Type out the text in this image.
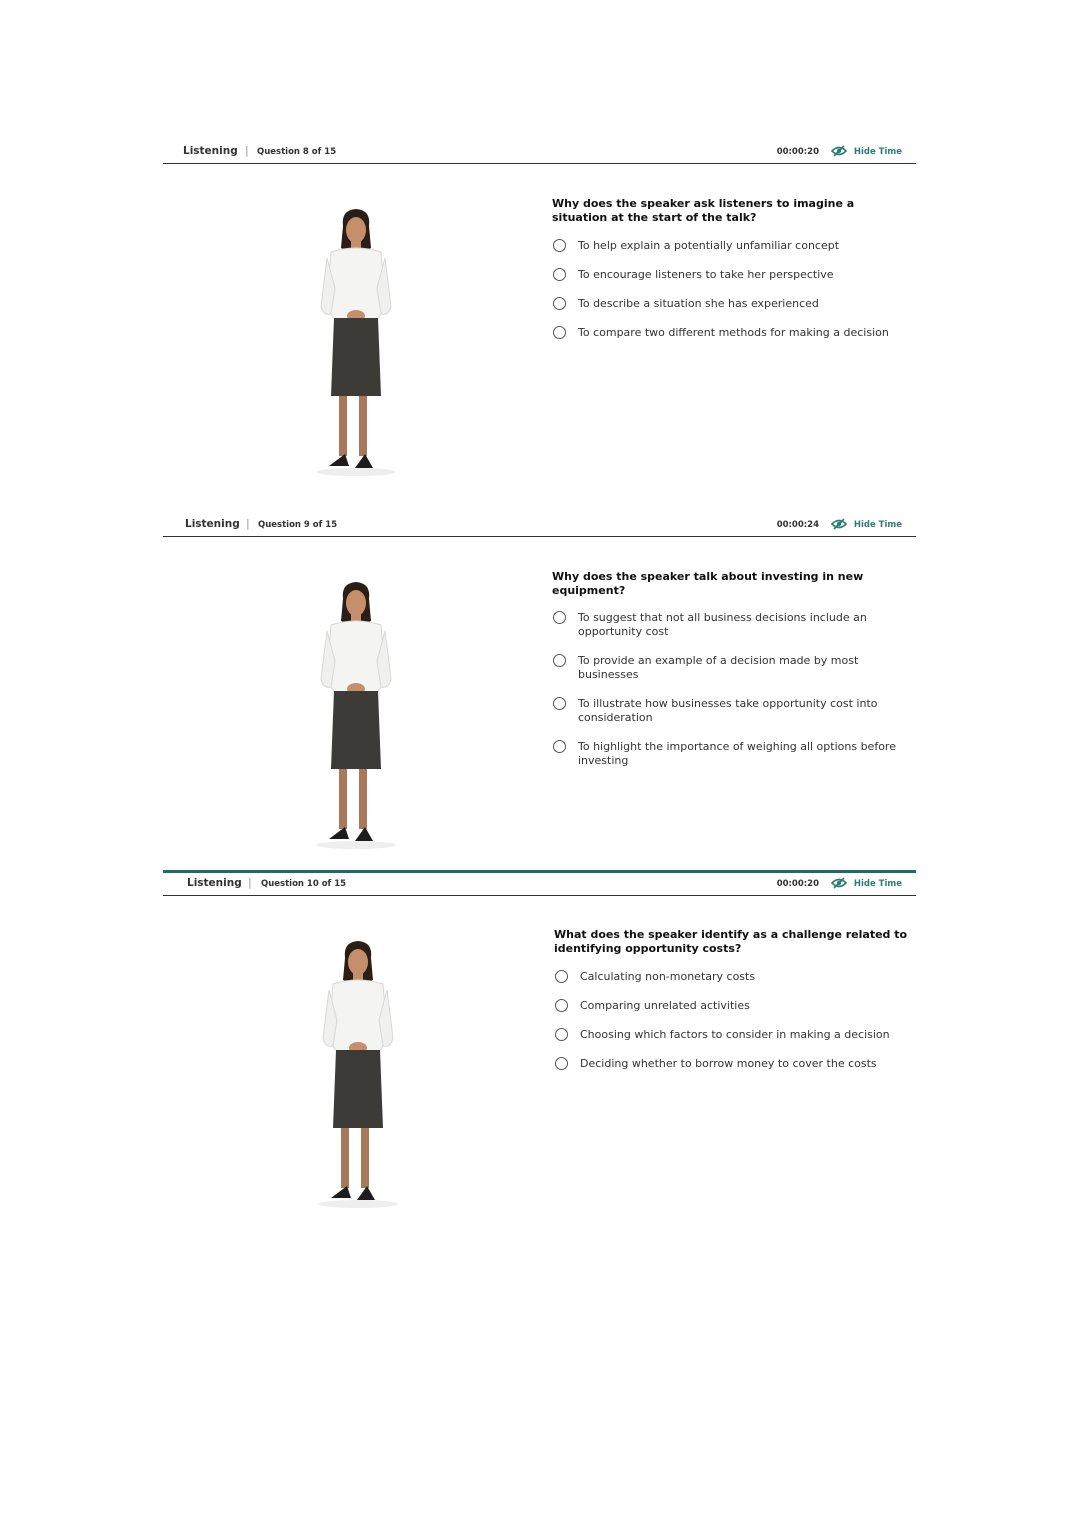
Listening | Question 8 of 15	00:00:20	Hide Time
Why does the speaker ask listeners to imagine a situation at the start of the talk?
To help explain a potentially unfamiliar concept
To encourage listeners to take her perspective
To describe a situation she has experienced
To compare two different methods for making a decision
Listening | Question 9 of 15	00:00:24	Hide Time
Why does the speaker talk about investing in new equipment?
To suggest that not all business decisions include an opportunity cost
To provide an example of a decision made by most businesses
To illustrate how businesses take opportunity cost into consideration
To highlight the importance of weighing all options before investing
Listening | Question 10 of 15	00:00:20	Hide Time
What does the speaker identify as a challenge related to identifying opportunity costs?
Calculating non-monetary costs
Comparing unrelated activities
Choosing which factors to consider in making a decision
Deciding whether to borrow money to cover the costs
